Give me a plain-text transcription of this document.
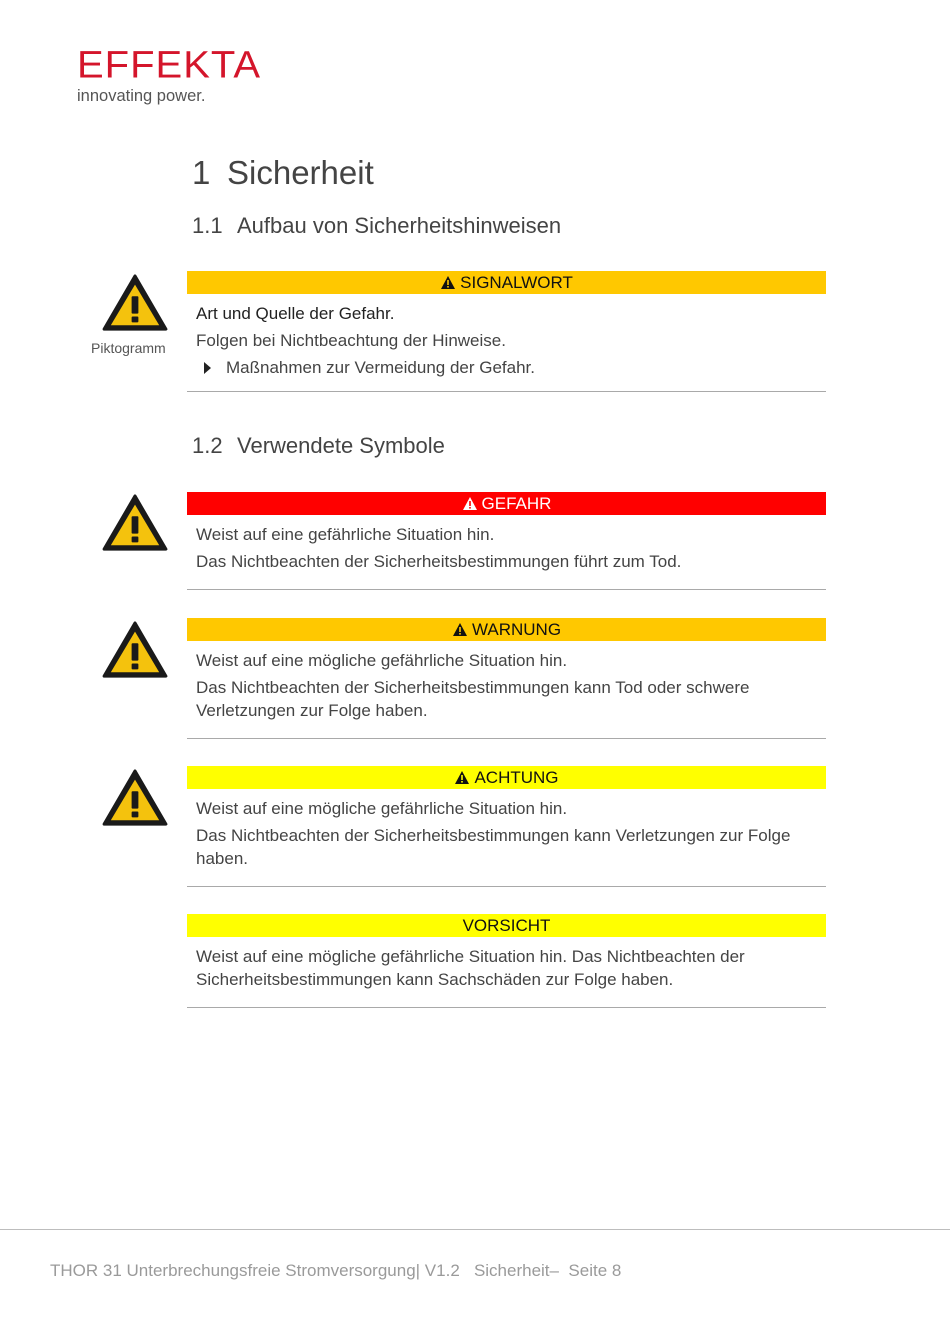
EFFEKTA
innovating power.
1 Sicherheit
1.1 Aufbau von Sicherheitshinweisen
Piktogramm
SIGNALWORT

Art und Quelle der Gefahr.

Folgen bei Nichtbeachtung der Hinweise.

Maßnahmen zur Vermeidung der Gefahr.
1.2 Verwendete Symbole
GEFAHR

Weist auf eine gefährliche Situation hin.

Das Nichtbeachten der Sicherheitsbestimmungen führt zum Tod.

WARNUNG

Weist auf eine mögliche gefährliche Situation hin.

Das Nichtbeachten der Sicherheitsbestimmungen kann Tod oder schwere Verletzungen zur Folge haben.

ACHTUNG

Weist auf eine mögliche gefährliche Situation hin.

Das Nichtbeachten der Sicherheitsbestimmungen kann Verletzungen zur Folge haben.

VORSICHT

Weist auf eine mögliche gefährliche Situation hin. Das Nichtbeachten der Sicherheitsbestimmungen kann Sachschäden zur Folge haben.

THOR 31 Unterbrechungsfreie Stromversorgung| V1.2   Sicherheit–  Seite 8
